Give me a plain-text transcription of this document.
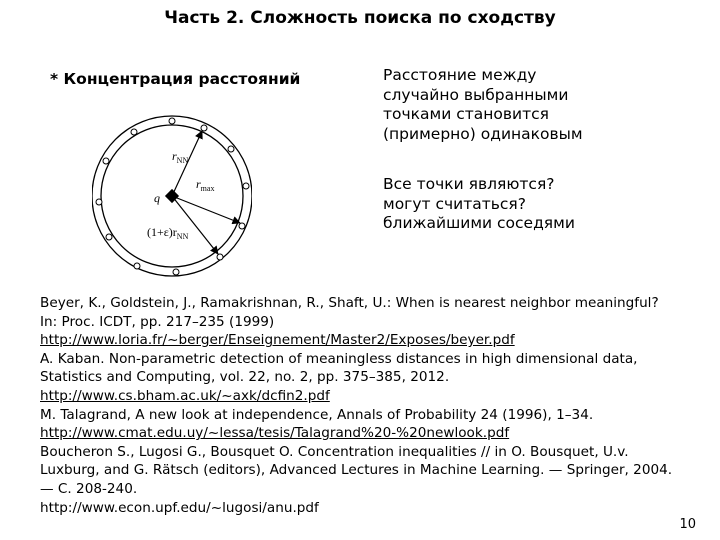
Часть 2. Сложность поиска по сходству
* Концентрация расстояний
q
$r_{NN}$
$r_{max}$
$(1+\varepsilon)r_{NN}$
Расстояние между
случайно выбранными
точками становится
(примерно) одинаковым
Все точки являются?
могут считаться?
ближайшими соседями
Beyer, K., Goldstein, J., Ramakrishnan, R., Shaft, U.: When is nearest neighbor meaningful?
In: Proc. ICDT, pp. 217–235 (1999)
http://www.loria.fr/~berger/Enseignement/Master2/Exposes/beyer.pdf
A. Kaban. Non-parametric detection of meaningless distances in high dimensional data,
Statistics and Computing, vol. 22, no. 2, pp. 375–385, 2012.
http://www.cs.bham.ac.uk/~axk/dcfin2.pdf
M. Talagrand, A new look at independence, Annals of Probability 24 (1996), 1–34.
http://www.cmat.edu.uy/~lessa/tesis/Talagrand%20-%20newlook.pdf
Boucheron S., Lugosi G., Bousquet O. Concentration inequalities // in O. Bousquet, U.v.
Luxburg, and G. Rätsch (editors), Advanced Lectures in Machine Learning. — Springer, 2004.
— С. 208-240.
http://www.econ.upf.edu/~lugosi/anu.pdf
10
